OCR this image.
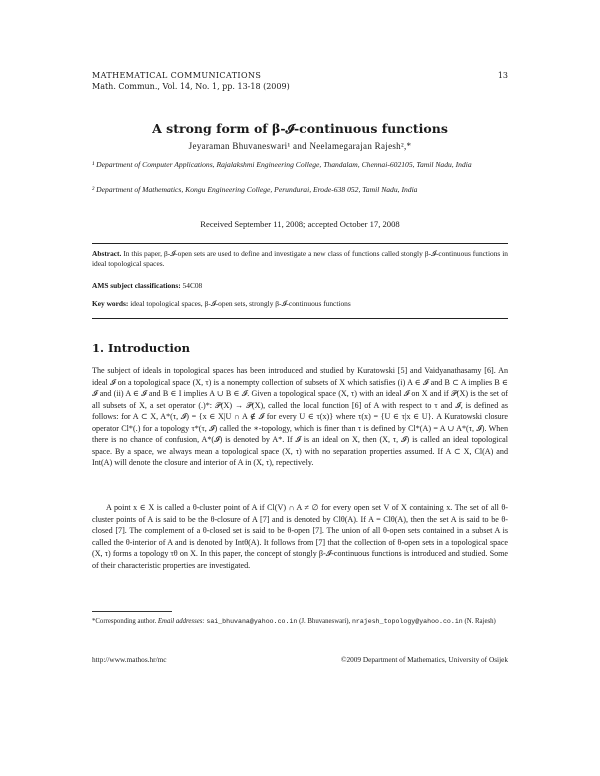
MATHEMATICAL COMMUNICATIONS
Math. Commun., Vol. 14, No. 1, pp. 13-18 (2009)
13
A strong form of β-𝓘-continuous functions
Jeyaraman Bhuvaneswari¹ and Neelamegarajan Rajesh²,*
¹ Department of Computer Applications, Rajalakshmi Engineering College, Thandalam, Chennai-602105, Tamil Nadu, India
² Department of Mathematics, Kongu Engineering College, Perundurai, Erode-638 052, Tamil Nadu, India
Received September 11, 2008; accepted October 17, 2008
Abstract. In this paper, β-𝓘-open sets are used to define and investigate a new class of functions called stongly β-𝓘-continuous functions in ideal topological spaces.
AMS subject classifications: 54C08
Key words: ideal topological spaces, β-𝓘-open sets, strongly β-𝓘-continuous functions
1. Introduction
The subject of ideals in topological spaces has been introduced and studied by Kuratowski [5] and Vaidyanathasamy [6]. An ideal 𝓘 on a topological space (X, τ) is a nonempty collection of subsets of X which satisfies (i) A ∈ 𝓘 and B ⊂ A implies B ∈ 𝓘 and (ii) A ∈ 𝓘 and B ∈ I implies A ∪ B ∈ 𝓘. Given a topological space (X, τ) with an ideal 𝓘 on X and if 𝒫(X) is the set of all subsets of X, a set operator (.)*: 𝒫(X) → 𝒫(X), called the local function [6] of A with respect to τ and 𝓘, is defined as follows: for A ⊂ X, A*(τ, 𝓘) = {x ∈ X|U ∩ A ∉ 𝓘 for every U ∈ τ(x)} where τ(x) = {U ∈ τ|x ∈ U}. A Kuratowski closure operator Cl*(.) for a topology τ*(τ, 𝓘) called the ∗-topology, which is finer than τ is defined by Cl*(A) = A ∪ A*(τ, 𝓘). When there is no chance of confusion, A*(𝓘) is denoted by A*. If 𝓘 is an ideal on X, then (X, τ, 𝓘) is called an ideal topological space. By a space, we always mean a topological space (X, τ) with no separation properties assumed. If A ⊂ X, Cl(A) and Int(A) will denote the closure and interior of A in (X, τ), repectively.
A point x ∈ X is called a θ-cluster point of A if Cl(V) ∩ A ≠ ∅ for every open set V of X containing x. The set of all θ-cluster points of A is said to be the θ-closure of A [7] and is denoted by Clθ(A). If A = Clθ(A), then the set A is said to be θ-closed [7]. The complement of a θ-closed set is said to be θ-open [7]. The union of all θ-open sets contained in a subset A is called the θ-interior of A and is denoted by Intθ(A). It follows from [7] that the collection of θ-open sets in a topological space (X, τ) forms a topology τθ on X. In this paper, the concept of stongly β-𝓘-continuous functions is introduced and studied. Some of their characteristic properties are investigated.
*Corresponding author. Email addresses: sai_bhuvana@yahoo.co.in (J. Bhuvaneswari), nrajesh_topology@yahoo.co.in (N. Rajesh)
http://www.mathos.hr/mc	©2009 Department of Mathematics, University of Osijek
